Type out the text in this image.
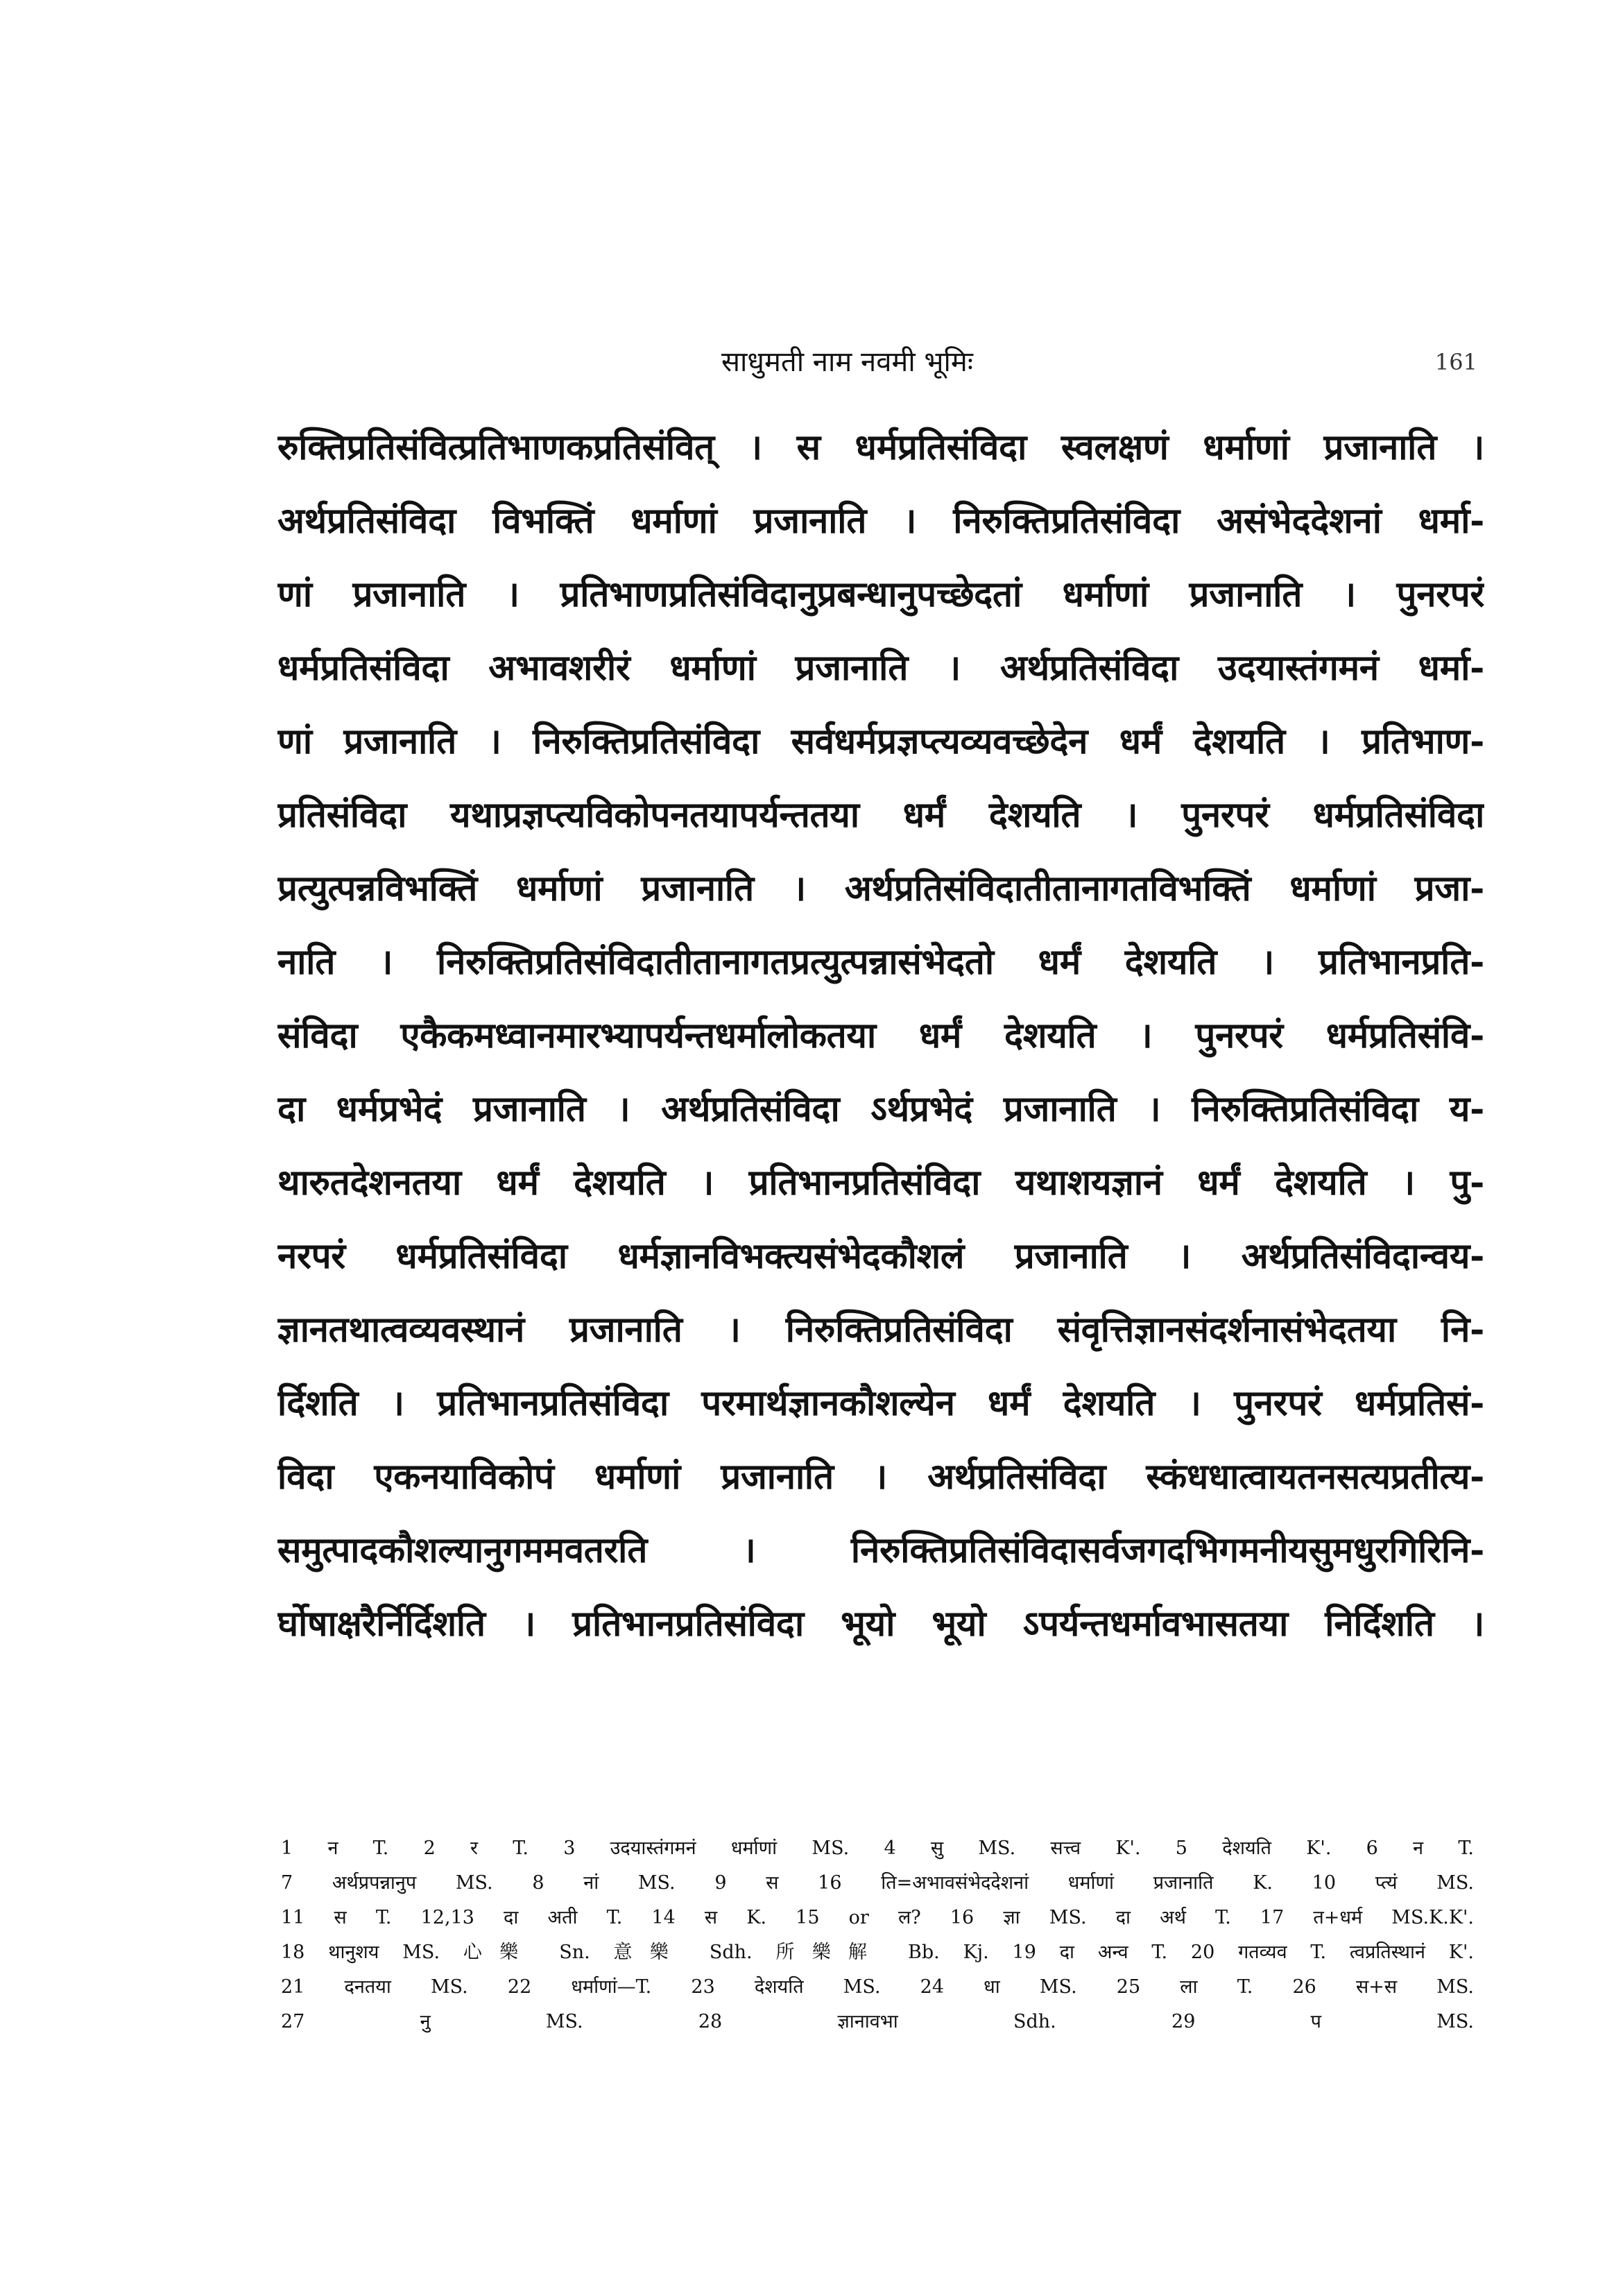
साधुमती नाम नवमी भूमिः	161
रुक्तिप्रतिसंवित्प्रतिभाणकप्रतिसंवित् । स धर्मप्रतिसंविदा स्वलक्षणं धर्माणां प्रजानाति ।
अर्थप्रतिसंविदा विभक्तिं धर्माणां प्रजानाति । निरुक्तिप्रतिसंविदा असंभेददेशनां धर्मा-
णां प्रजानाति । प्रतिभाणप्रतिसंविदानुप्रबन्धानुपच्छेदतां धर्माणां प्रजानाति । पुनरपरं
धर्मप्रतिसंविदा अभावशरीरं धर्माणां प्रजानाति । अर्थप्रतिसंविदा उदयास्तंगमनं धर्मा-
णां प्रजानाति । निरुक्तिप्रतिसंविदा सर्वधर्मप्रज्ञप्त्यव्यवच्छेदेन धर्मं देशयति । प्रतिभाण-
प्रतिसंविदा यथाप्रज्ञप्त्यविकोपनतयापर्यन्ततया धर्मं देशयति । पुनरपरं धर्मप्रतिसंविदा
प्रत्युत्पन्नविभक्तिं धर्माणां प्रजानाति । अर्थप्रतिसंविदातीतानागतविभक्तिं धर्माणां प्रजा-
नाति । निरुक्तिप्रतिसंविदातीतानागतप्रत्युत्पन्नासंभेदतो धर्मं देशयति । प्रतिभानप्रति-
संविदा एकैकमध्वानमारभ्यापर्यन्तधर्मालोकतया धर्मं देशयति । पुनरपरं धर्मप्रतिसंवि-
दा धर्मप्रभेदं प्रजानाति । अर्थप्रतिसंविदा ऽर्थप्रभेदं प्रजानाति । निरुक्तिप्रतिसंविदा य-
थारुतदेशनतया धर्मं देशयति । प्रतिभानप्रतिसंविदा यथाशयज्ञानं धर्मं देशयति । पु-
नरपरं धर्मप्रतिसंविदा धर्मज्ञानविभक्त्यसंभेदकौशलं प्रजानाति । अर्थप्रतिसंविदान्वय-
ज्ञानतथात्वव्यवस्थानं प्रजानाति । निरुक्तिप्रतिसंविदा संवृत्तिज्ञानसंदर्शनासंभेदतया नि-
र्दिशति । प्रतिभानप्रतिसंविदा परमार्थज्ञानकौशल्येन धर्मं देशयति । पुनरपरं धर्मप्रतिसं-
विदा एकनयाविकोपं धर्माणां प्रजानाति । अर्थप्रतिसंविदा स्कंधधात्वायतनसत्यप्रतीत्य-
समुत्पादकौशल्यानुगममवतरति । निरुक्तिप्रतिसंविदासर्वजगदभिगमनीयसुमधुरगिरिनि-
र्घोषाक्षरैर्निर्दिशति । प्रतिभानप्रतिसंविदा भूयो भूयो ऽपर्यन्तधर्मावभासतया निर्दिशति ।
1 न T. 2 र T. 3 उदयास्तंगमनं धर्माणां MS. 4 सु MS. सत्त्व K'. 5 देशयति K'. 6 न T.
7 अर्थप्रपन्नानुप MS. 8 नां MS. 9 स 16 ति=अभावसंभेददेशनां धर्माणां प्रजानाति K. 10 प्त्यं MS.
11 स T. 12,13 दा अती T. 14 स K. 15 or ल? 16 ज्ञा MS. दा अर्थ T. 17 त+धर्म MS.K.K'.
18 थानुशय MS. 心樂 Sn. 意樂 Sdh. 所樂解 Bb. Kj. 19 दा अन्व T. 20 गतव्यव T. त्वप्रतिस्थानं K'.
21 दनतया MS. 22 धर्माणां—T. 23 देशयति MS. 24 धा MS. 25 ला T. 26 स+स MS.
27 नु MS. 28 ज्ञानावभा Sdh. 29 प MS.
